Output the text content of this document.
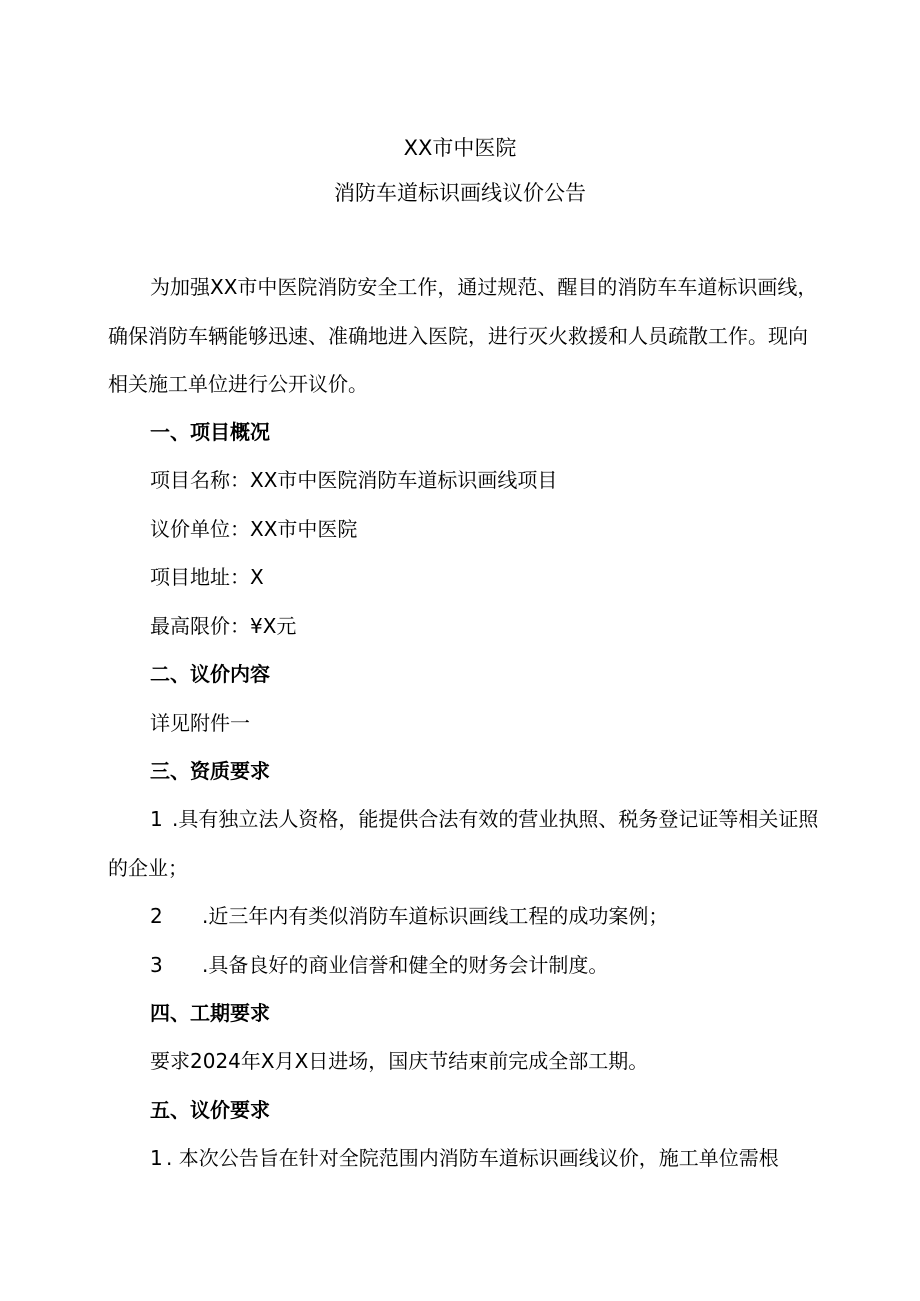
XX市中医院
消防车道标识画线议价公告
为加强XX市中医院消防安全工作，通过规范、醒目的消防车车道标识画线，
确保消防车辆能够迅速、准确地进入医院，进行灭火救援和人员疏散工作。现向
相关施工单位进行公开议价。
一、项目概况
项目名称：XX市中医院消防车道标识画线项目
议价单位：XX市中医院
项目地址：X
最高限价：¥X元
二、议价内容
详见附件一
三、资质要求
1 .具有独立法人资格，能提供合法有效的营业执照、税务登记证等相关证照
的企业；
2 .近三年内有类似消防车道标识画线工程的成功案例；
3 .具备良好的商业信誉和健全的财务会计制度。
四、工期要求
要求2024年X月X日进场，国庆节结束前完成全部工期。
五、议价要求
1 . 本次公告旨在针对全院范围内消防车道标识画线议价，施工单位需根
